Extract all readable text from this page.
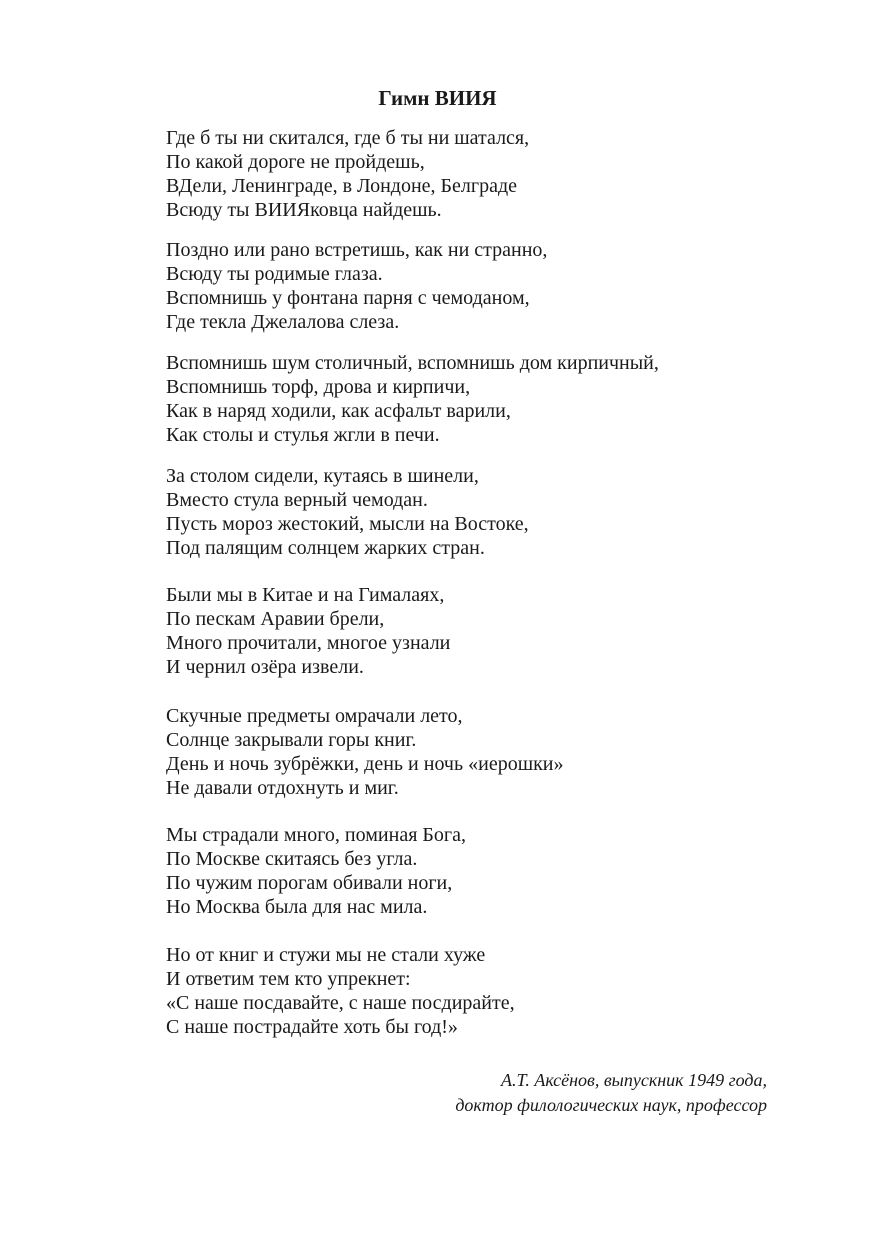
Гимн ВИИЯ
Где б ты ни скитался, где б ты ни шатался,
По какой дороге не пройдешь,
ВДели, Ленинграде, в Лондоне, Белграде
Всюду ты ВИИЯковца найдешь.
Поздно или рано встретишь, как ни странно,
Всюду ты родимые глаза.
Вспомнишь у фонтана парня с чемоданом,
Где текла Джелалова слеза.
Вспомнишь шум столичный, вспомнишь дом кирпичный,
Вспомнишь торф, дрова и кирпичи,
Как в наряд ходили, как асфальт варили,
Как столы и стулья жгли в печи.
За столом сидели, кутаясь в шинели,
Вместо стула верный чемодан.
Пусть мороз жестокий, мысли на Востоке,
Под палящим солнцем жарких стран.
Были мы в Китае и на Гималаях,
По пескам Аравии брели,
Много прочитали, многое узнали
И чернил озёра извели.
Скучные предметы омрачали лето,
Солнце закрывали горы книг.
День и ночь зубрёжки, день и ночь «иерошки»
Не давали отдохнуть и миг.
Мы страдали много, поминая Бога,
По Москве скитаясь без угла.
По чужим порогам обивали ноги,
Но Москва была для нас мила.
Но от книг и стужи мы не стали хуже
И ответим тем кто упрекнет:
«С наше посдавайте, с наше посдирайте,
С наше пострадайте хоть бы год!»
А.Т. Аксёнов, выпускник 1949 года,
доктор филологических наук, профессор
